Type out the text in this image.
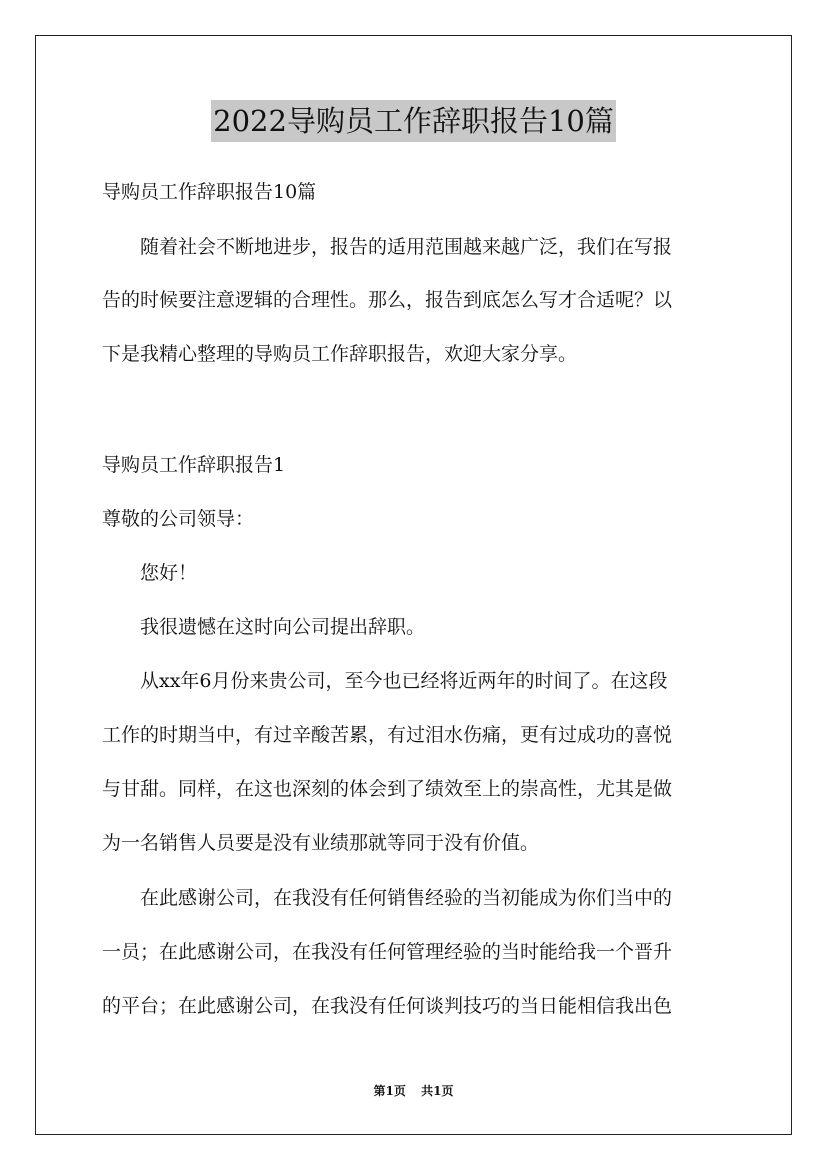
2022导购员工作辞职报告10篇
导购员工作辞职报告10篇
随着社会不断地进步，报告的适用范围越来越广泛，我们在写报
告的时候要注意逻辑的合理性。那么，报告到底怎么写才合适呢？以
下是我精心整理的导购员工作辞职报告，欢迎大家分享。
导购员工作辞职报告1
尊敬的公司领导：
您好！
我很遗憾在这时向公司提出辞职。
从xx年6月份来贵公司，至今也已经将近两年的时间了。在这段
工作的时期当中，有过辛酸苦累，有过泪水伤痛，更有过成功的喜悦
与甘甜。同样，在这也深刻的体会到了绩效至上的崇高性，尤其是做
为一名销售人员要是没有业绩那就等同于没有价值。
在此感谢公司，在我没有任何销售经验的当初能成为你们当中的
一员；在此感谢公司，在我没有任何管理经验的当时能给我一个晋升
的平台；在此感谢公司，在我没有任何谈判技巧的当日能相信我出色
第1页 共1页
